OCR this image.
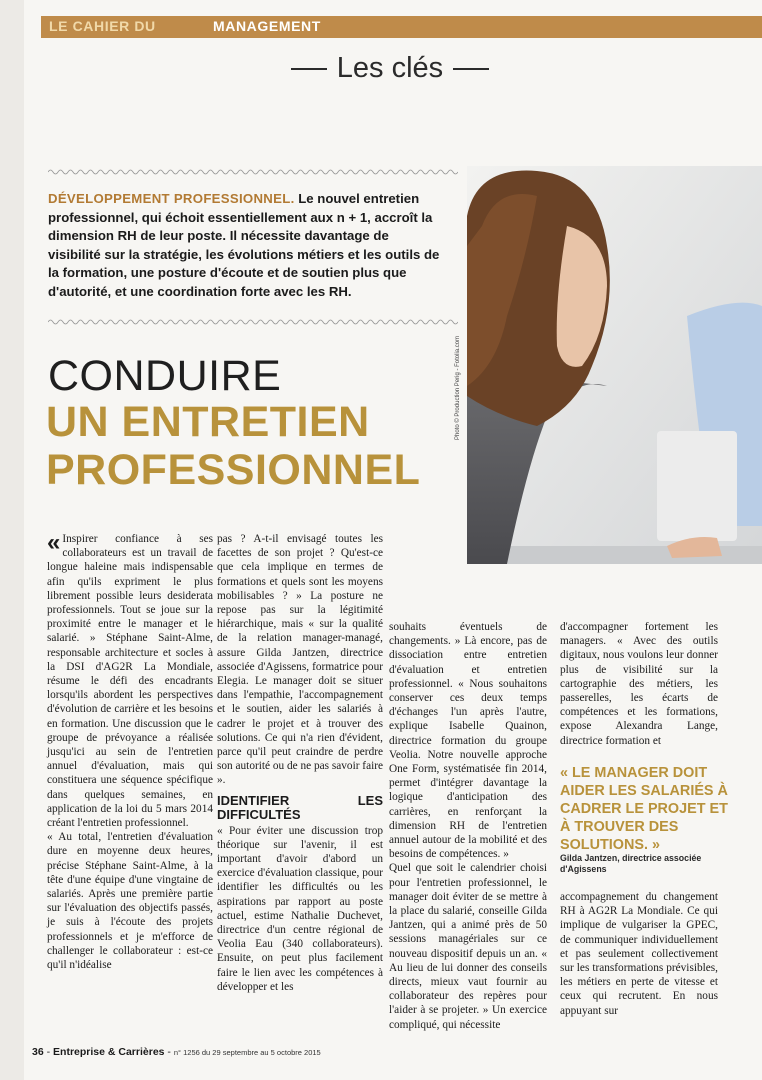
LE CAHIER DU	MANAGEMENT
Les clés
DÉVELOPPEMENT PROFESSIONNEL. Le nouvel entretien professionnel, qui échoit essentiellement aux n + 1, accroît la dimension RH de leur poste. Il nécessite davantage de visibilité sur la stratégie, les évolutions métiers et les outils de la formation, une posture d'écoute et de soutien plus que d'autorité, et une coordination forte avec les RH.
Photo © Production Perig - Fotolia.com
CONDUIRE
UN ENTRETIEN
PROFESSIONNEL

« Inspirer confiance à ses collaborateurs est un travail de longue haleine mais indispensable afin qu'ils expriment le plus librement possible leurs desiderata professionnels. Tout se joue sur la proximité entre le manager et le salarié. » Stéphane Saint-Alme, responsable architecture et socles à la DSI d'AG2R La Mondiale, résume le défi des encadrants lorsqu'ils abordent les perspectives d'évolution de carrière et les besoins en formation. Une discussion que le groupe de prévoyance a réalisée jusqu'ici au sein de l'entretien annuel d'évaluation, mais qui constituera une séquence spécifique dans quelques semaines, en application de la loi du 5 mars 2014 créant l'entretien professionnel.

« Au total, l'entretien d'évaluation dure en moyenne deux heures, précise Stéphane Saint-Alme, à la tête d'une équipe d'une vingtaine de salariés. Après une première partie sur l'évaluation des objectifs passés, je suis à l'écoute des projets professionnels et je m'efforce de challenger le collaborateur : est-ce qu'il n'idéalise

pas ? A-t-il envisagé toutes les facettes de son projet ? Qu'est-ce que cela implique en termes de formations et quels sont les moyens mobilisables ? » La posture ne repose pas sur la légitimité hiérarchique, mais « sur la qualité de la relation manager-managé, assure Gilda Jantzen, directrice associée d'Agissens, formatrice pour Elegia. Le manager doit se situer dans l'empathie, l'accompagnement et le soutien, aider les salariés à cadrer le projet et à trouver des solutions. Ce qui n'a rien d'évident, parce qu'il peut craindre de perdre son autorité ou de ne pas savoir faire ».

IDENTIFIER LES DIFFICULTÉS

« Pour éviter une discussion trop théorique sur l'avenir, il est important d'avoir d'abord un exercice d'évaluation classique, pour identifier les difficultés ou les aspirations par rapport au poste actuel, estime Nathalie Duchevet, directrice d'un centre régional de Veolia Eau (340 collaborateurs). Ensuite, on peut plus facilement faire le lien avec les compétences à développer et les

souhaits éventuels de changements. » Là encore, pas de dissociation entre entretien d'évaluation et entretien professionnel. « Nous souhaitons conserver ces deux temps d'échanges l'un après l'autre, explique Isabelle Quainon, directrice formation du groupe Veolia. Notre nouvelle approche One Form, systématisée fin 2014, permet d'intégrer davantage la logique d'anticipation des carrières, en renforçant la dimension RH de l'entretien annuel autour de la mobilité et des besoins de compétences. »

Quel que soit le calendrier choisi pour l'entretien professionnel, le manager doit éviter de se mettre à la place du salarié, conseille Gilda Jantzen, qui a animé près de 50 sessions managériales sur ce nouveau dispositif depuis un an. « Au lieu de lui donner des conseils directs, mieux vaut fournir au collaborateur des repères pour l'aider à se projeter. » Un exercice compliqué, qui nécessite

d'accompagner fortement les managers. « Avec des outils digitaux, nous voulons leur donner plus de visibilité sur la cartographie des métiers, les passerelles, les écarts de compétences et les formations, expose Alexandra Lange, directrice formation et

« LE MANAGER DOIT AIDER LES SALARIÉS À CADRER LE PROJET ET À TROUVER DES SOLUTIONS. »
Gilda Jantzen, directrice associée d'Agissens

accompagnement du changement RH à AG2R La Mondiale. Ce qui implique de vulgariser la GPEC, de communiquer individuellement et pas seulement collectivement sur les transformations prévisibles, les métiers en perte de vitesse et ceux qui recrutent. En nous appuyant sur

36 - Entreprise & Carrières - n° 1256 du 29 septembre au 5 octobre 2015
